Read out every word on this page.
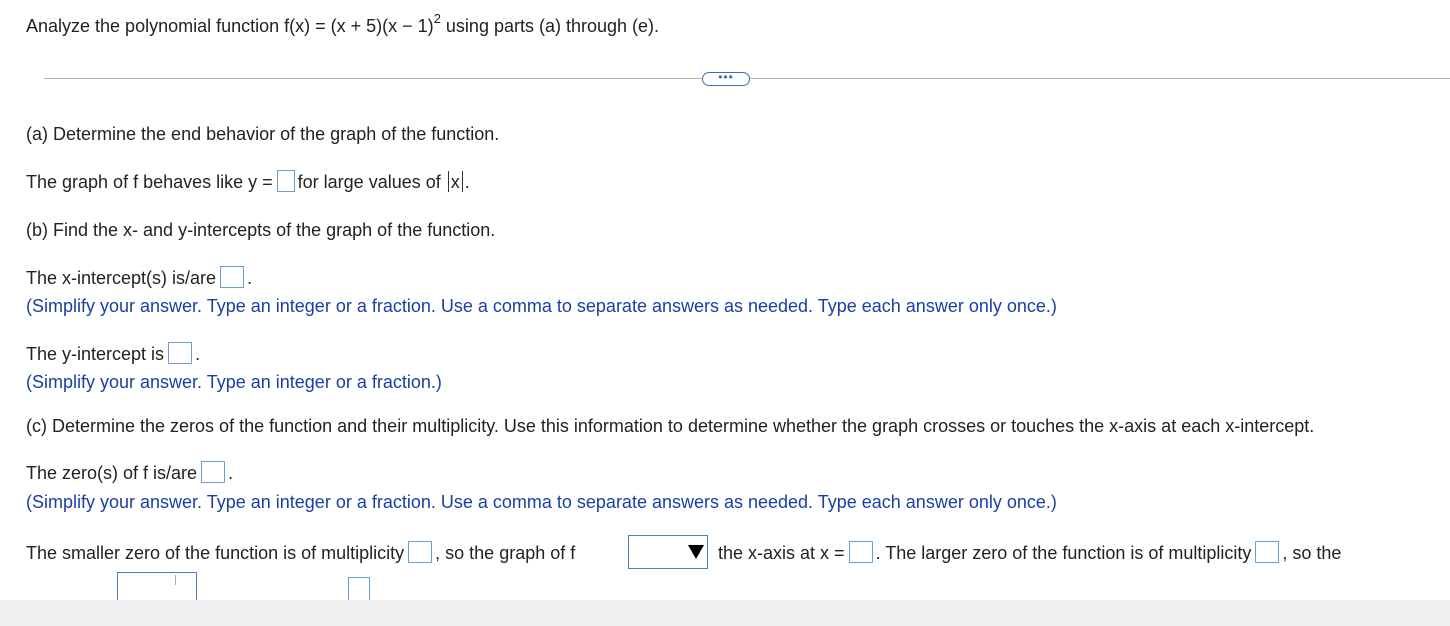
Analyze the polynomial function $f(x) = (x + 5)(x - 1)^2$ using parts (a) through (e).
•••
(a) Determine the end behavior of the graph of the function.
The graph of f behaves like y = for large values of x .
(b) Find the x- and y-intercepts of the graph of the function.
The x-intercept(s) is/are .
(Simplify your answer. Type an integer or a fraction. Use a comma to separate answers as needed. Type each answer only once.)
The y-intercept is .
(Simplify your answer. Type an integer or a fraction.)
(c) Determine the zeros of the function and their multiplicity. Use this information to determine whether the graph crosses or touches the x-axis at each x-intercept.
The zero(s) of f is/are .
(Simplify your answer. Type an integer or a fraction. Use a comma to separate answers as needed. Type each answer only once.)
The smaller zero of the function is of multiplicity , so the graph of f	the x-axis at x = . The larger zero of the function is of multiplicity , so the
